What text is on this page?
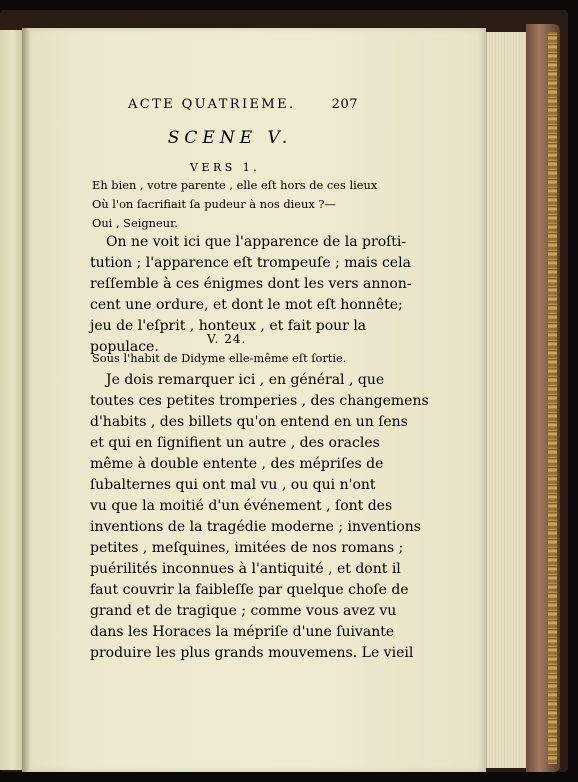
ACTE QUATRIEME.	207
SCENE V.
VERS 1.
Eh bien , votre parente , elle eſt hors de ces lieux
Où l'on ſacrifiait ſa pudeur à nos dieux ?—
Oui , Seigneur.
On ne voit ici que l'apparence de la proſti-
tution ; l'apparence eſt trompeuſe ; mais cela
reſſemble à ces énigmes dont les vers annon-
cent une ordure, et dont le mot eſt honnête;
jeu de l'eſprit , honteux , et fait pour la
populace.	V. 24.
Sous l'habit de Didyme elle-même eſt ſortie.
Je dois remarquer ici , en général , que
toutes ces petites tromperies , des changemens
d'habits , des billets qu'on entend en un ſens
et qui en ſignifient un autre , des oracles
même à double entente , des mépriſes de
ſubalternes qui ont mal vu , ou qui n'ont
vu que la moitié d'un événement , ſont des
inventions de la tragédie moderne ; inventions
petites , meſquines, imitées de nos romans ;
puérilités inconnues à l'antiquité , et dont il
faut couvrir la faibleſſe par quelque choſe de
grand et de tragique ; comme vous avez vu
dans les Horaces la mépriſe d'une ſuivante
produire les plus grands mouvemens. Le vieil
